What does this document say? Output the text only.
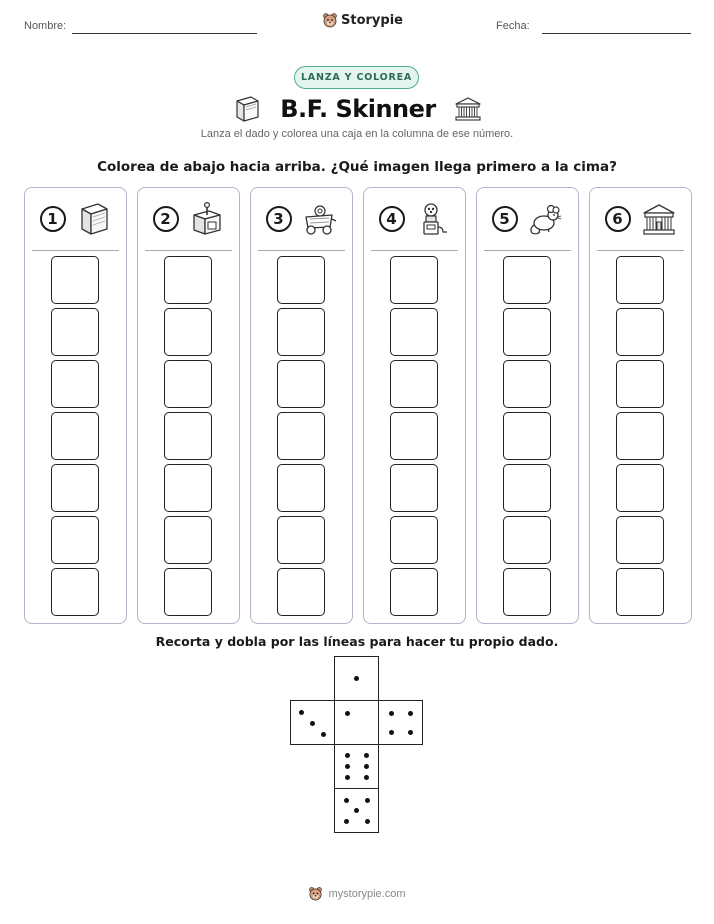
Nombre:	Storypie	Fecha:
LANZA Y COLOREA
B.F. Skinner
Lanza el dado y colorea una caja en la columna de ese número.
Colorea de abajo hacia arriba. ¿Qué imagen llega primero a la cima?
1	2	3	4	5	6
Recorta y dobla por las líneas para hacer tu propio dado.
mystorypie.com
